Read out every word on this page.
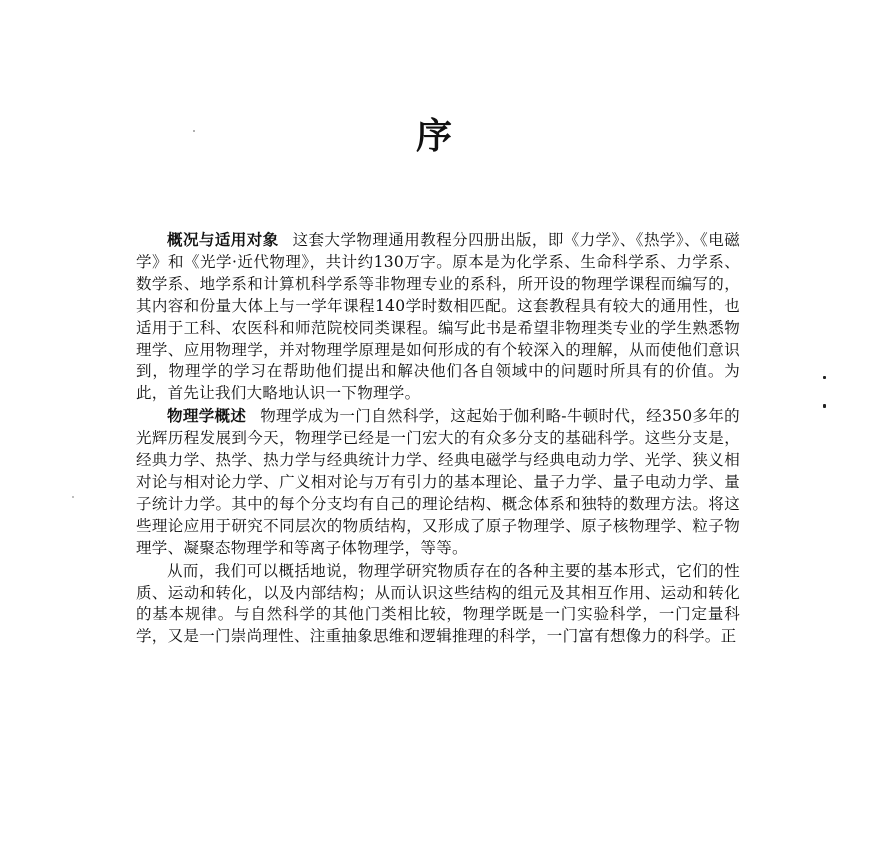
序

概况与适用对象 这套大学物理通用教程分四册出版，即《力学》、《热学》、《电磁学》和《光学·近代物理》，共计约130万字。原本是为化学系、生命科学系、力学系、数学系、地学系和计算机科学系等非物理专业的系科，所开设的物理学课程而编写的，其内容和份量大体上与一学年课程140学时数相匹配。这套教程具有较大的通用性，也适用于工科、农医科和师范院校同类课程。编写此书是希望非物理类专业的学生熟悉物理学、应用物理学，并对物理学原理是如何形成的有个较深入的理解，从而使他们意识到，物理学的学习在帮助他们提出和解决他们各自领域中的问题时所具有的价值。为此，首先让我们大略地认识一下物理学。

物理学概述 物理学成为一门自然科学，这起始于伽利略-牛顿时代，经350多年的光辉历程发展到今天，物理学已经是一门宏大的有众多分支的基础科学。这些分支是，经典力学、热学、热力学与经典统计力学、经典电磁学与经典电动力学、光学、狭义相对论与相对论力学、广义相对论与万有引力的基本理论、量子力学、量子电动力学、量子统计力学。其中的每个分支均有自己的理论结构、概念体系和独特的数理方法。将这些理论应用于研究不同层次的物质结构，又形成了原子物理学、原子核物理学、粒子物理学、凝聚态物理学和等离子体物理学，等等。

从而，我们可以概括地说，物理学研究物质存在的各种主要的基本形式，它们的性质、运动和转化，以及内部结构；从而认识这些结构的组元及其相互作用、运动和转化的基本规律。与自然科学的其他门类相比较，物理学既是一门实验科学，一门定量科学，又是一门崇尚理性、注重抽象思维和逻辑推理的科学，一门富有想像力的科学。正
